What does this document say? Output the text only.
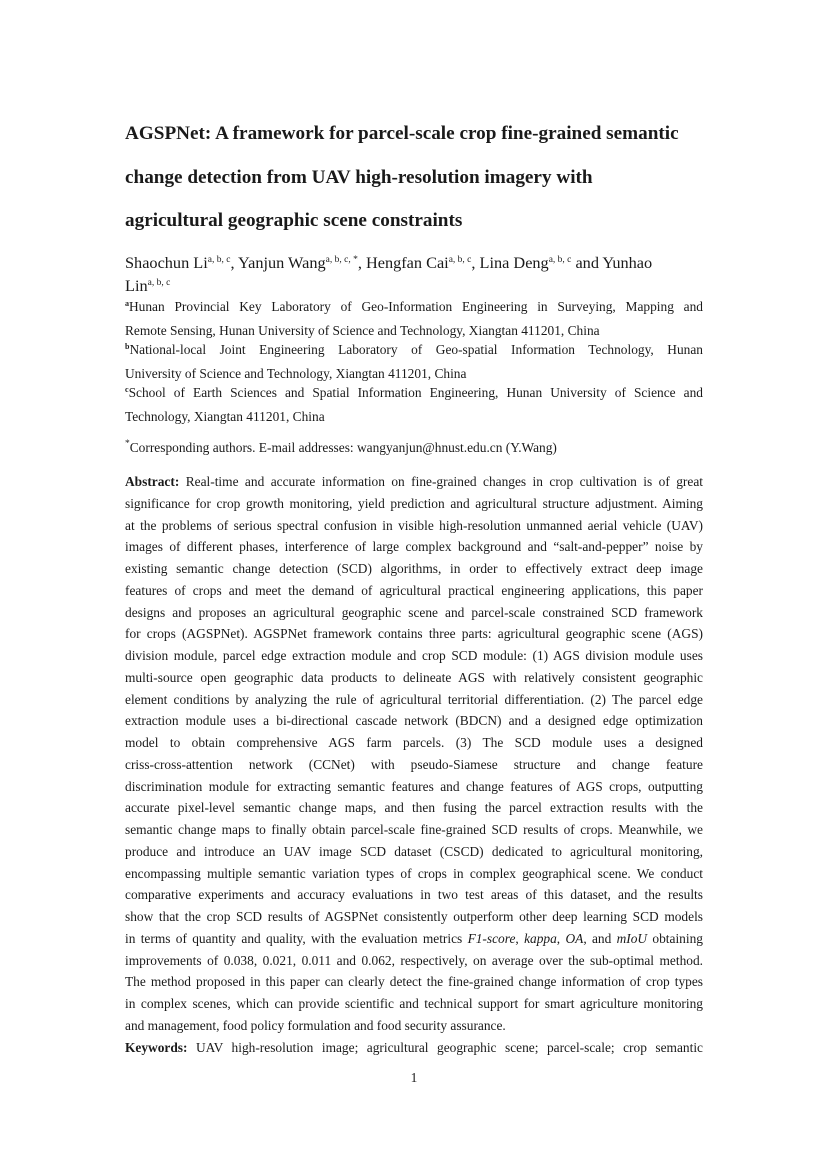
AGSPNet: A framework for parcel-scale crop fine-grained semantic
change detection from UAV high-resolution imagery with
agricultural geographic scene constraints
Shaochun Li$^{a, b, c}$, Yanjun Wang$^{a, b, c, *}$, Hengfan Cai$^{a, b, c}$, Lina Deng$^{a, b, c}$ and Yunhao
Lin$^{a, b, c}$
$^a$Hunan Provincial Key Laboratory of Geo-Information Engineering in Surveying, Mapping and
Remote Sensing, Hunan University of Science and Technology, Xiangtan 411201, China
$^b$National-local Joint Engineering Laboratory of Geo-spatial Information Technology, Hunan
University of Science and Technology, Xiangtan 411201, China
$^c$School of Earth Sciences and Spatial Information Engineering, Hunan University of Science and
Technology, Xiangtan 411201, China
*Corresponding authors. E-mail addresses: wangyanjun@hnust.edu.cn (Y.Wang)
Abstract: Real-time and accurate information on fine-grained changes in crop cultivation is of great
significance for crop growth monitoring, yield prediction and agricultural structure adjustment. Aiming
at the problems of serious spectral confusion in visible high-resolution unmanned aerial vehicle (UAV)
images of different phases, interference of large complex background and “salt-and-pepper” noise by
existing semantic change detection (SCD) algorithms, in order to effectively extract deep image
features of crops and meet the demand of agricultural practical engineering applications, this paper
designs and proposes an agricultural geographic scene and parcel-scale constrained SCD framework
for crops (AGSPNet). AGSPNet framework contains three parts: agricultural geographic scene (AGS)
division module, parcel edge extraction module and crop SCD module: (1) AGS division module uses
multi-source open geographic data products to delineate AGS with relatively consistent geographic
element conditions by analyzing the rule of agricultural territorial differentiation. (2) The parcel edge
extraction module uses a bi-directional cascade network (BDCN) and a designed edge optimization
model to obtain comprehensive AGS farm parcels. (3) The SCD module uses a designed
criss-cross-attention network (CCNet) with pseudo-Siamese structure and change feature
discrimination module for extracting semantic features and change features of AGS crops, outputting
accurate pixel-level semantic change maps, and then fusing the parcel extraction results with the
semantic change maps to finally obtain parcel-scale fine-grained SCD results of crops. Meanwhile, we
produce and introduce an UAV image SCD dataset (CSCD) dedicated to agricultural monitoring,
encompassing multiple semantic variation types of crops in complex geographical scene. We conduct
comparative experiments and accuracy evaluations in two test areas of this dataset, and the results
show that the crop SCD results of AGSPNet consistently outperform other deep learning SCD models
in terms of quantity and quality, with the evaluation metrics F1-score, kappa, OA, and mIoU obtaining
improvements of 0.038, 0.021, 0.011 and 0.062, respectively, on average over the sub-optimal method.
The method proposed in this paper can clearly detect the fine-grained change information of crop types
in complex scenes, which can provide scientific and technical support for smart agriculture monitoring
and management, food policy formulation and food security assurance.
Keywords: UAV high-resolution image; agricultural geographic scene; parcel-scale; crop semantic
1
